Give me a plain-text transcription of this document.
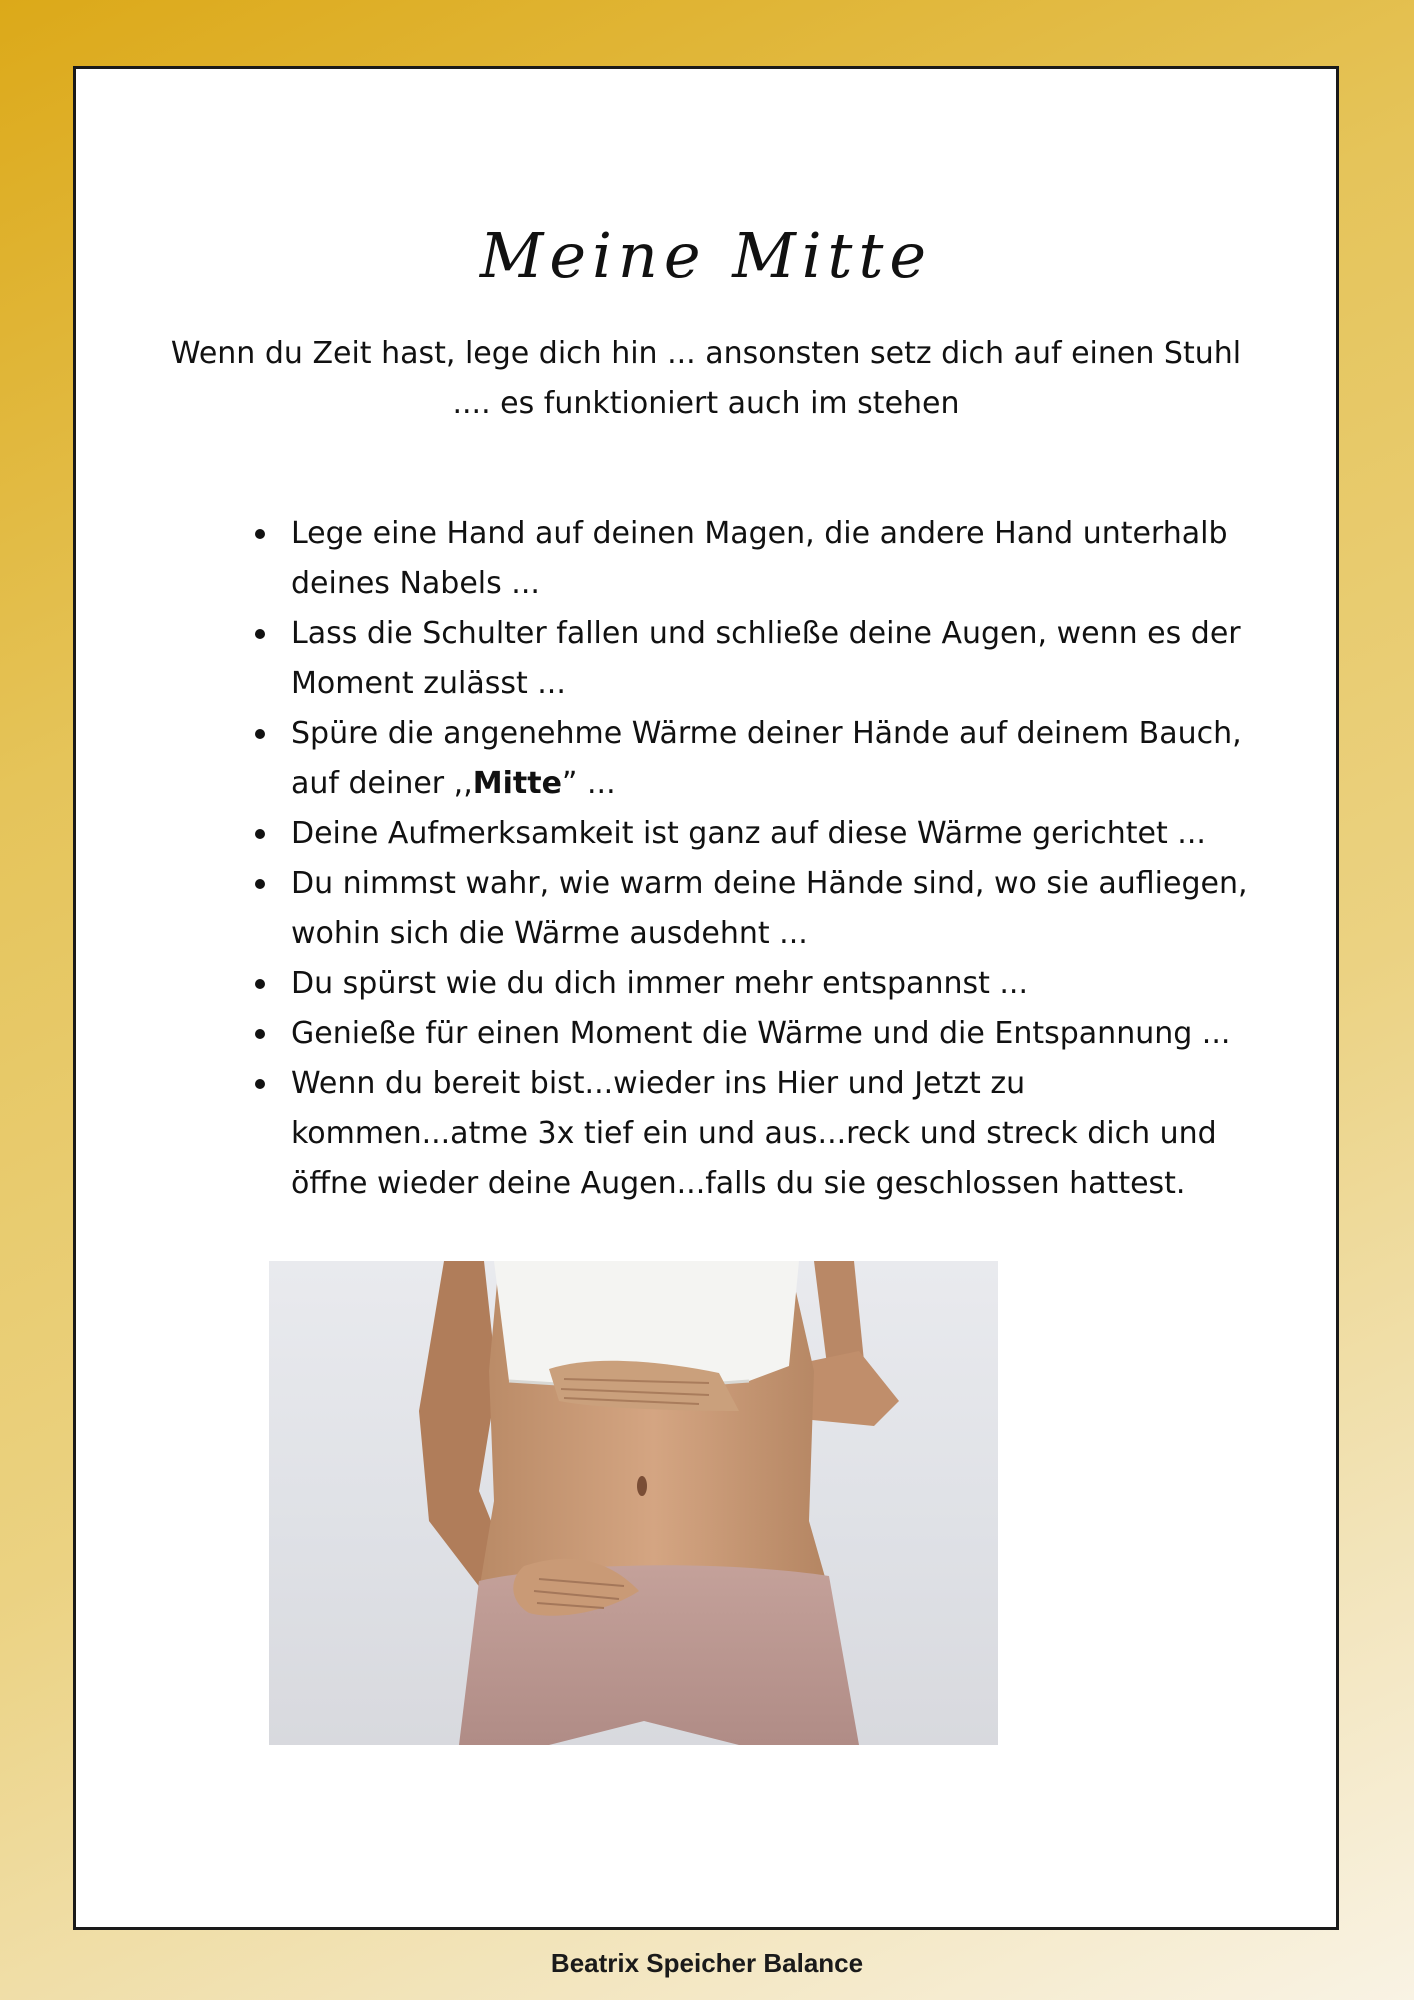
Meine Mitte

Wenn du Zeit hast, lege dich hin ... ansonsten setz dich auf einen Stuhl
.... es funktioniert auch im stehen

Lege eine Hand auf deinen Magen, die andere Hand unterhalb deines Nabels ...
Lass die Schulter fallen und schließe deine Augen, wenn es der Moment zulässt ...
Spüre die angenehme Wärme deiner Hände auf deinem Bauch, auf deiner ,,Mitte” ...
Deine Aufmerksamkeit ist ganz auf diese Wärme gerichtet ...
Du nimmst wahr, wie warm deine Hände sind, wo sie aufliegen, wohin sich die Wärme ausdehnt ...
Du spürst wie du dich immer mehr entspannst ...
Genieße für einen Moment die Wärme und die Entspannung ...
Wenn du bereit bist...wieder ins Hier und Jetzt zu kommen...atme 3x tief ein und aus...reck und streck dich und öffne wieder deine Augen...falls du sie geschlossen hattest.

Beatrix Speicher Balance
